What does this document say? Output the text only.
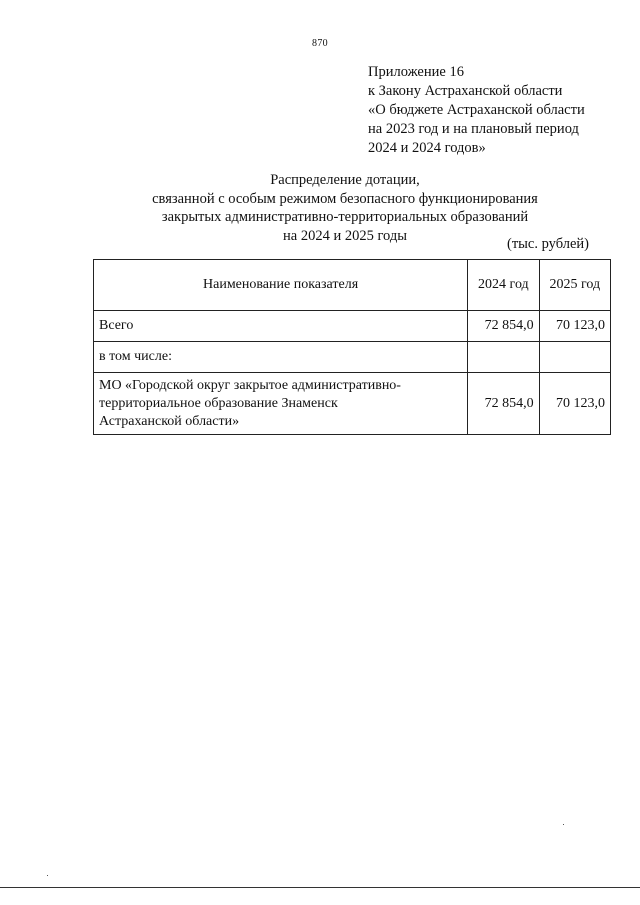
870
Приложение 16
к Закону Астраханской области
«О бюджете Астраханской области
на 2023 год и на плановый период
2024 и 2024 годов»
Распределение дотации,
связанной с особым режимом безопасного функционирования
закрытых административно-территориальных образований
на 2024 и 2025 годы
(тыс. рублей)
Наименование показателя	2024 год	2025 год
Всего	72 854,0	70 123,0
в том числе:		

МО «Городской округ закрытое административно-
территориальное образование Знаменск
Астраханской области»	72 854,0	70 123,0
